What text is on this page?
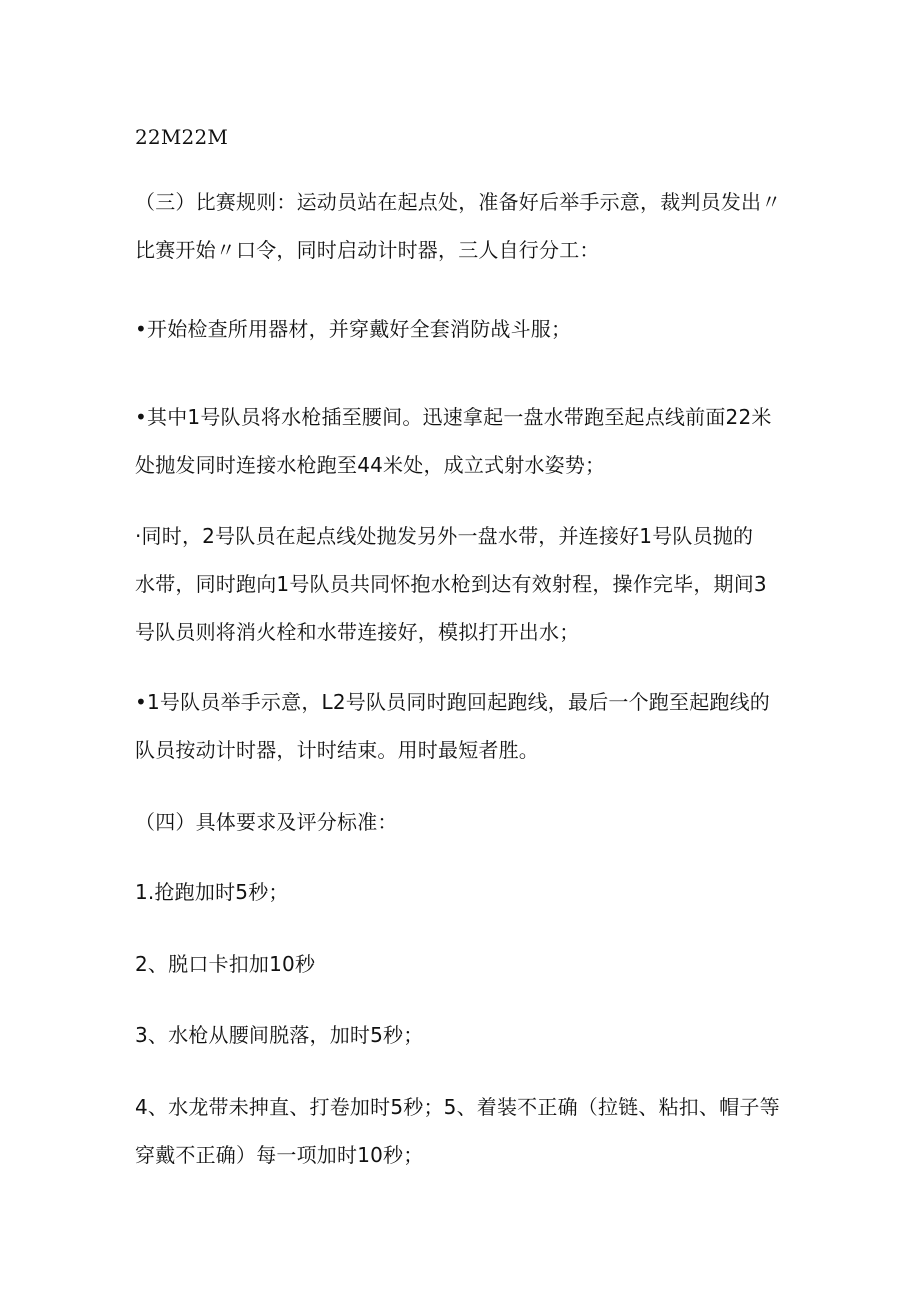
22M22M
（三）比赛规则：运动员站在起点处，准备好后举手示意，裁判员发出〃
比赛开始〃口令，同时启动计时器，三人自行分工：
•开始检查所用器材，并穿戴好全套消防战斗服；
•其中1号队员将水枪插至腰间。迅速拿起一盘水带跑至起点线前面22米
处抛发同时连接水枪跑至44米处，成立式射水姿势；
·同时，2号队员在起点线处抛发另外一盘水带，并连接好1号队员抛的
水带，同时跑向1号队员共同怀抱水枪到达有效射程，操作完毕，期间3
号队员则将消火栓和水带连接好，模拟打开出水；
•1号队员举手示意，L2号队员同时跑回起跑线，最后一个跑至起跑线的
队员按动计时器，计时结束。用时最短者胜。
（四）具体要求及评分标准：
1.抢跑加时5秒；
2、脱口卡扣加10秒
3、水枪从腰间脱落，加时5秒；
4、水龙带未抻直、打卷加时5秒；5、着装不正确（拉链、粘扣、帽子等
穿戴不正确）每一项加时10秒；
